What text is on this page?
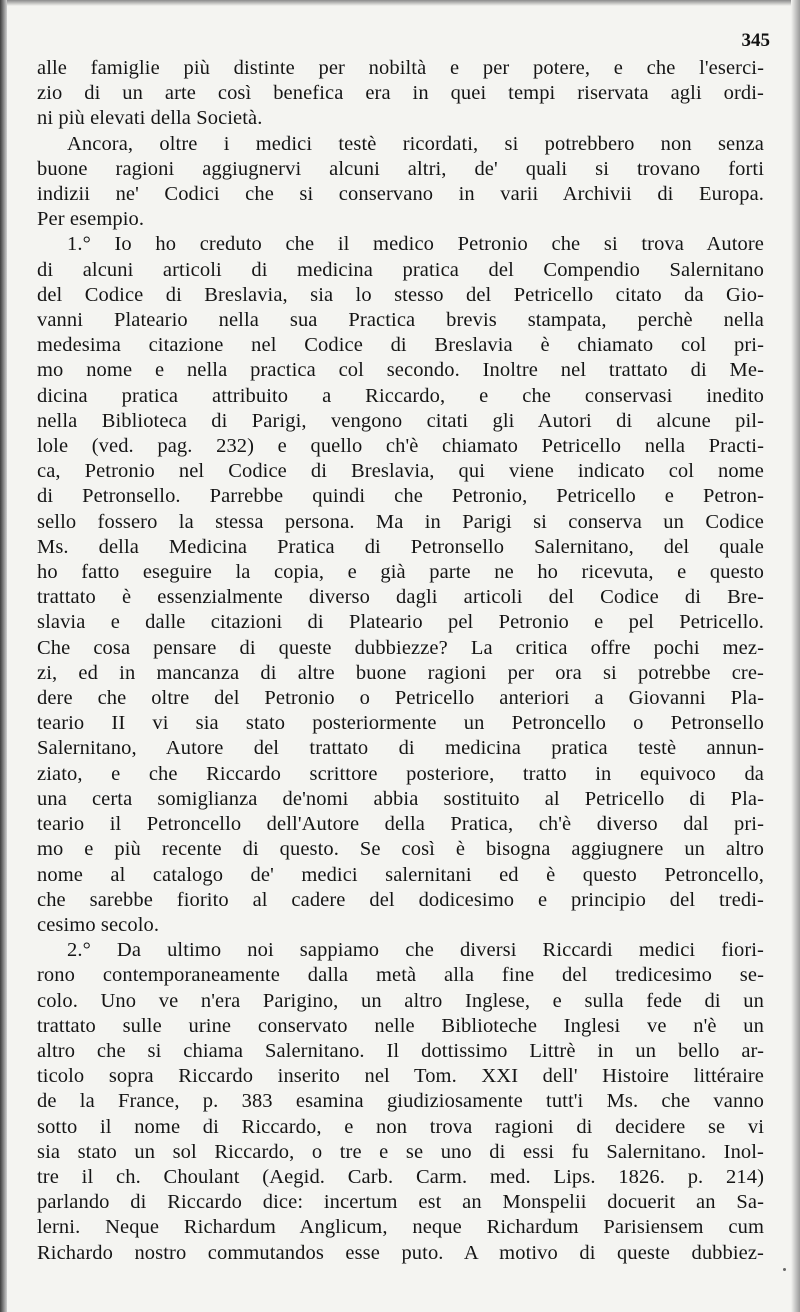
345
alle famiglie più distinte per nobiltà e per potere, e che l'eserci-
zio di un arte così benefica era in quei tempi riservata agli ordi-
ni più elevati della Società.
Ancora, oltre i medici testè ricordati, si potrebbero non senza
buone ragioni aggiugnervi alcuni altri, de' quali si trovano forti
indizii ne' Codici che si conservano in varii Archivii di Europa.
Per esempio.
1.° Io ho creduto che il medico Petronio che si trova Autore
di alcuni articoli di medicina pratica del Compendio Salernitano
del Codice di Breslavia, sia lo stesso del Petricello citato da Gio-
vanni Plateario nella sua Practica brevis stampata, perchè nella
medesima citazione nel Codice di Breslavia è chiamato col pri-
mo nome e nella practica col secondo. Inoltre nel trattato di Me-
dicina pratica attribuito a Riccardo, e che conservasi inedito
nella Biblioteca di Parigi, vengono citati gli Autori di alcune pil-
lole (ved. pag. 232) e quello ch'è chiamato Petricello nella Practi-
ca, Petronio nel Codice di Breslavia, qui viene indicato col nome
di Petronsello. Parrebbe quindi che Petronio, Petricello e Petron-
sello fossero la stessa persona. Ma in Parigi si conserva un Codice
Ms. della Medicina Pratica di Petronsello Salernitano, del quale
ho fatto eseguire la copia, e già parte ne ho ricevuta, e questo
trattato è essenzialmente diverso dagli articoli del Codice di Bre-
slavia e dalle citazioni di Plateario pel Petronio e pel Petricello.
Che cosa pensare di queste dubbiezze? La critica offre pochi mez-
zi, ed in mancanza di altre buone ragioni per ora si potrebbe cre-
dere che oltre del Petronio o Petricello anteriori a Giovanni Pla-
teario II vi sia stato posteriormente un Petroncello o Petronsello
Salernitano, Autore del trattato di medicina pratica testè annun-
ziato, e che Riccardo scrittore posteriore, tratto in equivoco da
una certa somiglianza de'nomi abbia sostituito al Petricello di Pla-
teario il Petroncello dell'Autore della Pratica, ch'è diverso dal pri-
mo e più recente di questo. Se così è bisogna aggiugnere un altro
nome al catalogo de' medici salernitani ed è questo Petroncello,
che sarebbe fiorito al cadere del dodicesimo e principio del tredi-
cesimo secolo.
2.° Da ultimo noi sappiamo che diversi Riccardi medici fiori-
rono contemporaneamente dalla metà alla fine del tredicesimo se-
colo. Uno ve n'era Parigino, un altro Inglese, e sulla fede di un
trattato sulle urine conservato nelle Biblioteche Inglesi ve n'è un
altro che si chiama Salernitano. Il dottissimo Littrè in un bello ar-
ticolo sopra Riccardo inserito nel Tom. XXI dell' Histoire littéraire
de la France, p. 383 esamina giudiziosamente tutt'i Ms. che vanno
sotto il nome di Riccardo, e non trova ragioni di decidere se vi
sia stato un sol Riccardo, o tre e se uno di essi fu Salernitano. Inol-
tre il ch. Choulant (Aegid. Carb. Carm. med. Lips. 1826. p. 214)
parlando di Riccardo dice: incertum est an Monspelii docuerit an Sa-
lerni. Neque Richardum Anglicum, neque Richardum Parisiensem cum
Richardo nostro commutandos esse puto. A motivo di queste dubbiez-
